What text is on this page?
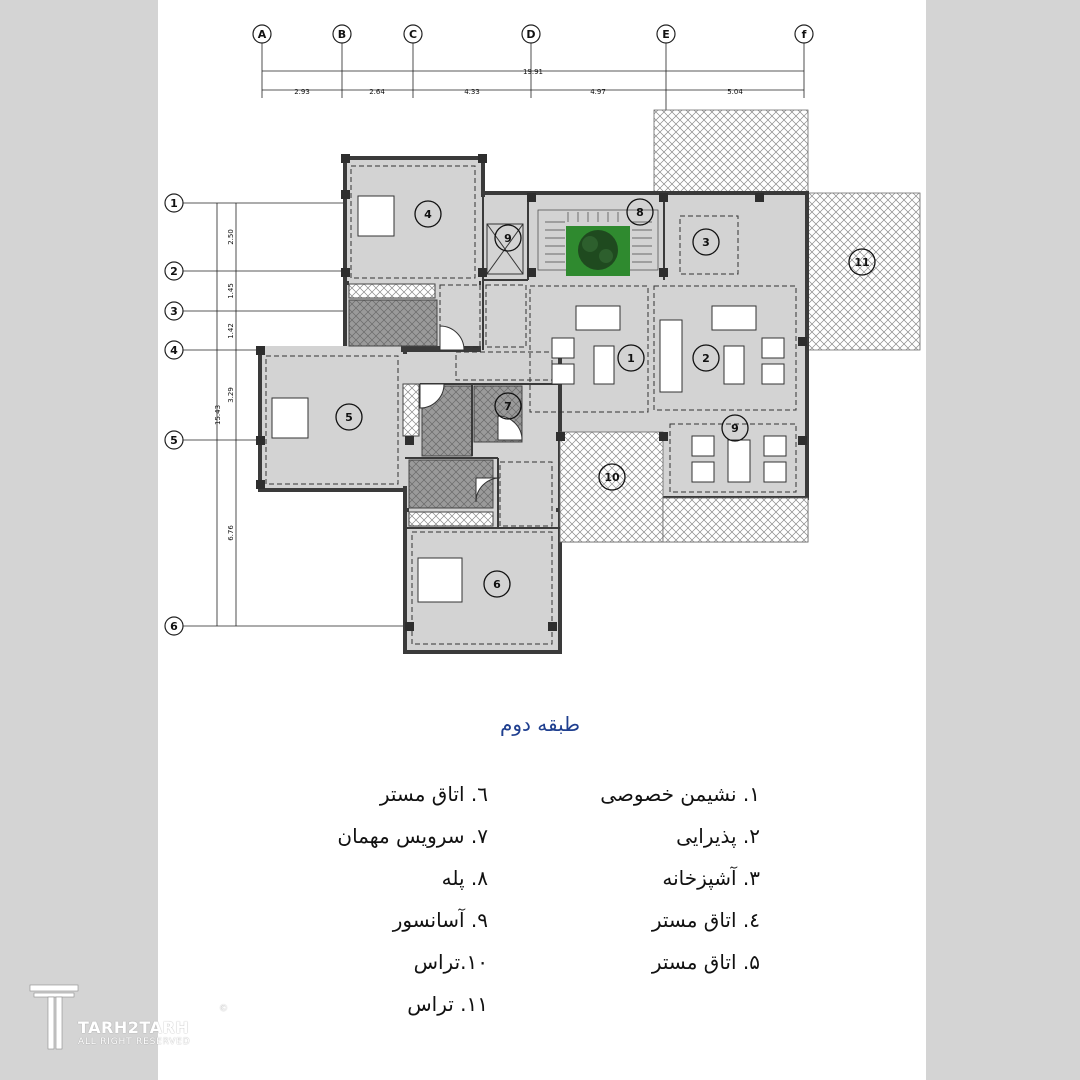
A	B	C	D	E	f
1
2
3
4
5
6
19.91
2.93	2.64	4.33	4.97	5.04
15.43
2.50
1.45
1.42
3.29
6.76
1	2
3
4
5
6
7
8
9
9
10
11
طبقه دوم
۱. نشیمن خصوصی
۲. پذیرایی
۳. آشپزخانه
٤. اتاق مستر
۵. اتاق مستر
٦. اتاق مستر
۷. سرویس مهمان
۸. پله
۹. آسانسور
۱۰.تراس
۱۱. تراس
TARH2TARH
ALL RIGHT RESERVED
©
